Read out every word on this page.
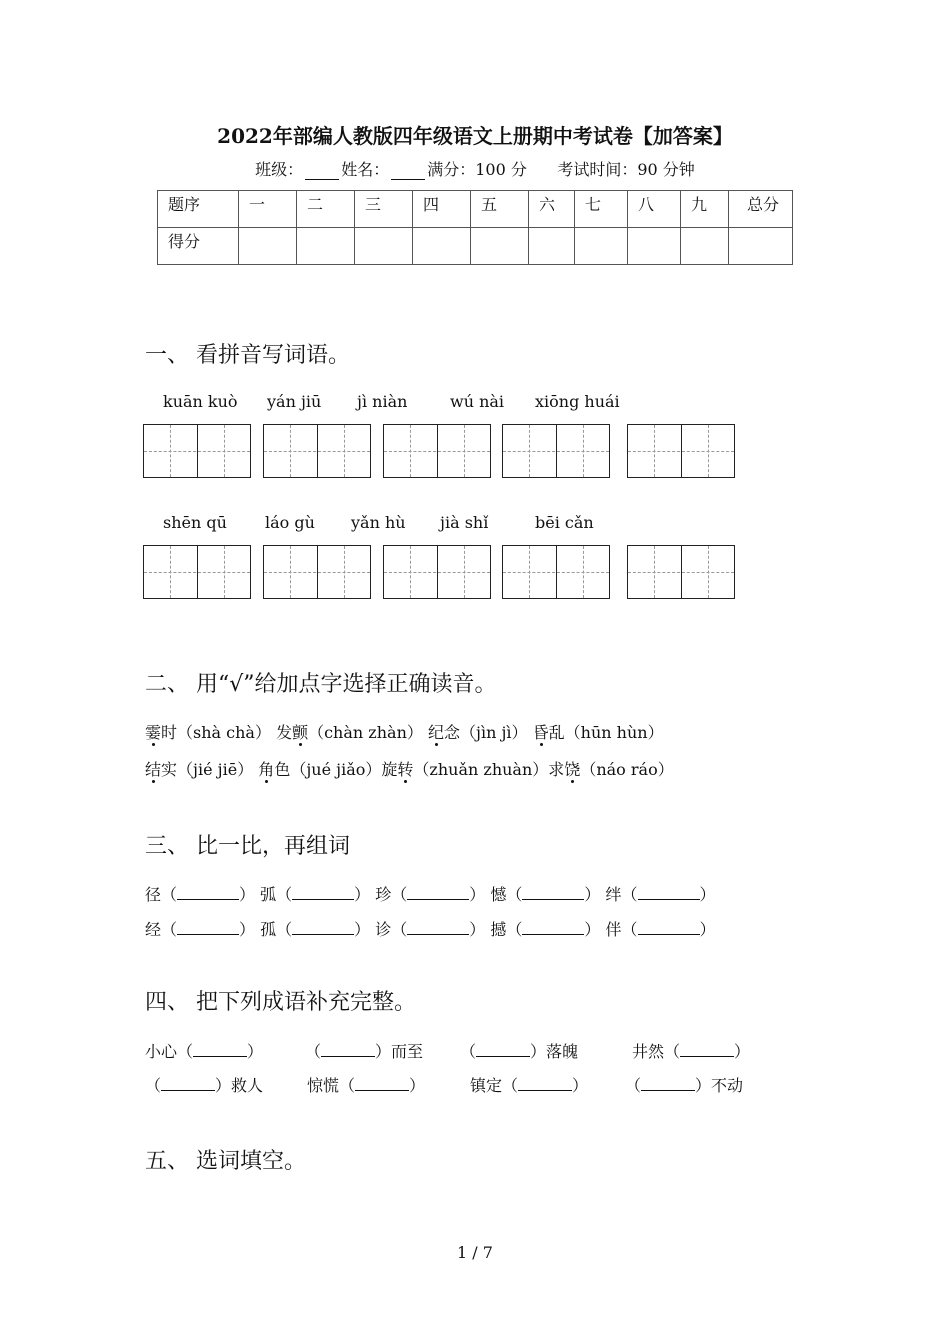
2022年部编人教版四年级语文上册期中考试卷【加答案】
班级： 姓名： 满分：100 分 考试时间：90 分钟
题序	一	二	三	四	五	六	七	八	九	总分
得分										
一、 看拼音写词语。
kuān kuò yán jiū jì niàn	wú nài xiōng huái
shēn qū láo gù yǎn hù jià shǐ	bēi cǎn
二、 用“√”给加点字选择正确读音。
霎时（shà chà） 发颤（chàn zhàn） 纪念（jìn jì） 昏乱（hūn hùn）
结实（jié jiē） 角色（jué jiǎo）旋转（zhuǎn zhuàn）求饶（náo ráo）
三、 比一比，再组词
径（	） 弧（	） 珍（	） 憾（	） 绊（	）
经（	） 孤（	） 诊（	） 撼（	） 伴（	）
四、 把下列成语补充完整。
小心（	）	（	）而至 （	）落魄	井然（	）
（	）救人	惊慌（	）	镇定（	） （	）不动
五、 选词填空。
1 / 7
